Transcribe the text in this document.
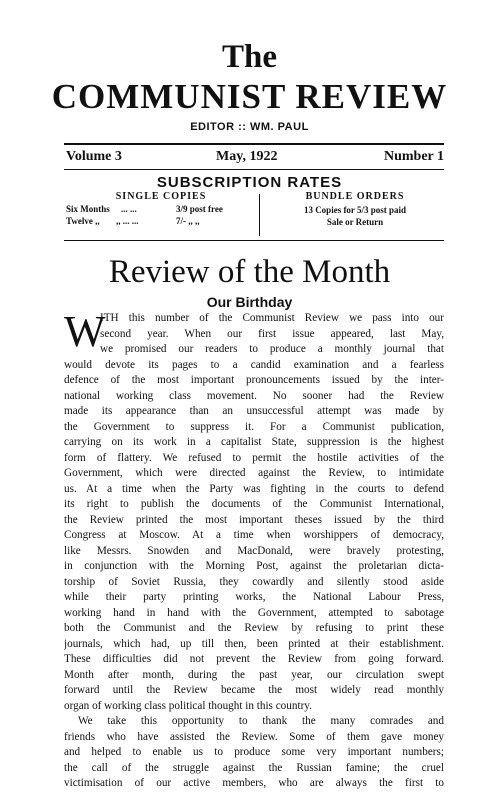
The
COMMUNIST REVIEW
EDITOR :: WM. PAUL
Volume 3	May, 1922	Number 1
SUBSCRIPTION RATES
SINGLE COPIES
Six Months ... ...	3/9 post free
Twelve ,, ,, ... ...	7/- ,, ,,
BUNDLE ORDERS
13 Copies for 5/3 post paid
Sale or Return
Review of the Month
Our Birthday
W
ITH this number of the Communist Review we pass into our
second year. When our first issue appeared, last May,
we promised our readers to produce a monthly journal that
would devote its pages to a candid examination and a fearless
defence of the most important pronouncements issued by the inter-
national working class movement. No sooner had the Review
made its appearance than an unsuccessful attempt was made by
the Government to suppress it. For a Communist publication,
carrying on its work in a capitalist State, suppression is the highest
form of flattery. We refused to permit the hostile activities of the
Government, which were directed against the Review, to intimidate
us. At a time when the Party was fighting in the courts to defend
its right to publish the documents of the Communist International,
the Review printed the most important theses issued by the third
Congress at Moscow. At a time when worshippers of democracy,
like Messrs. Snowden and MacDonald, were bravely protesting,
in conjunction with the Morning Post, against the proletarian dicta-
torship of Soviet Russia, they cowardly and silently stood aside
while their party printing works, the National Labour Press,
working hand in hand with the Government, attempted to sabotage
both the Communist and the Review by refusing to print these
journals, which had, up till then, been printed at their establishment.
These difficulties did not prevent the Review from going forward.
Month after month, during the past year, our circulation swept
forward until the Review became the most widely read monthly
organ of working class political thought in this country.
We take this opportunity to thank the many comrades and
friends who have assisted the Review. Some of them gave money
and helped to enable us to produce some very important numbers;
the call of the struggle against the Russian famine; the cruel
victimisation of our active members, who are always the first to
